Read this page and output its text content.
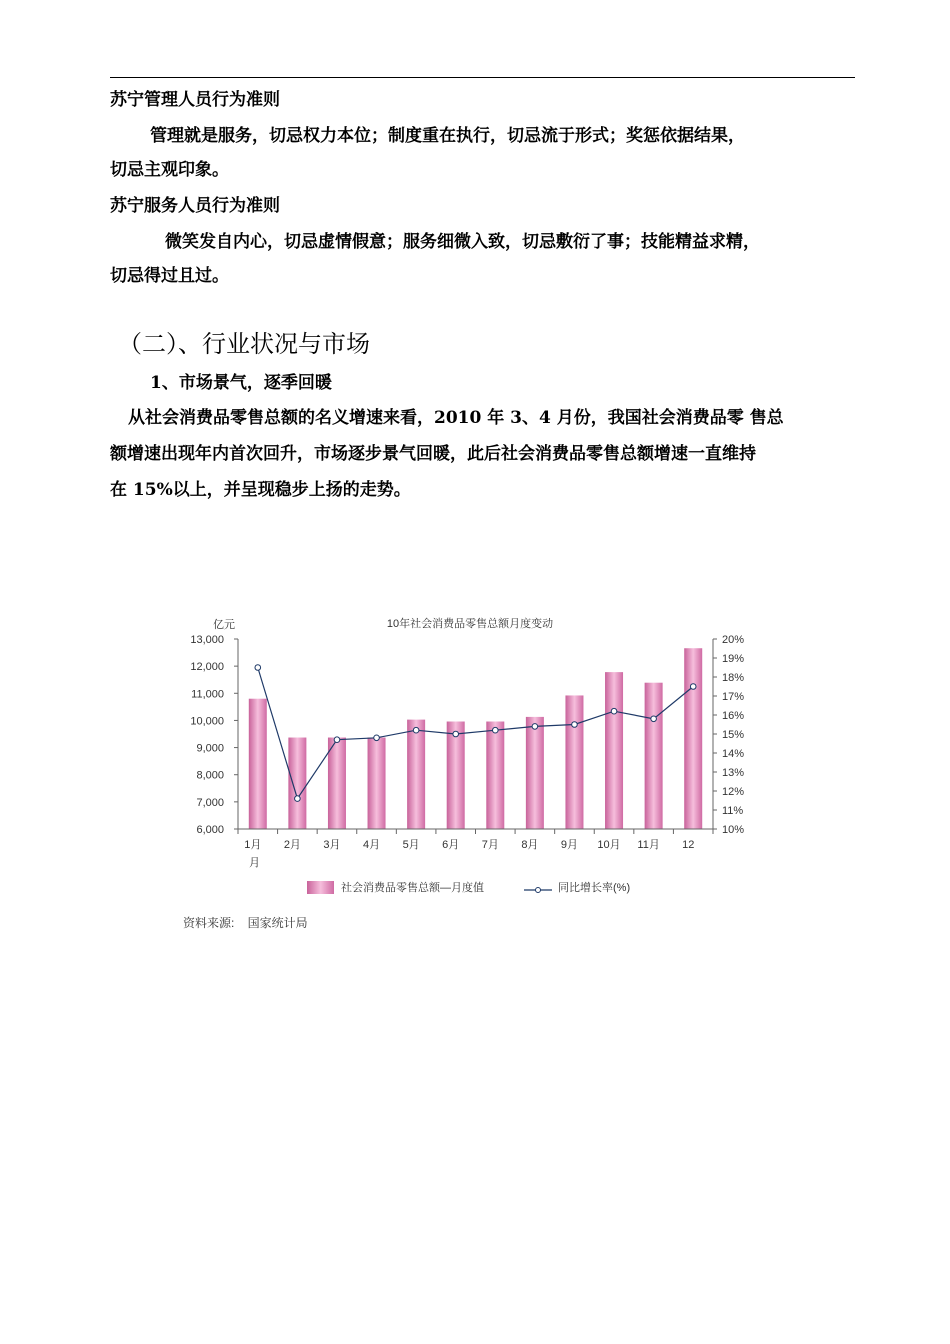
苏宁管理人员行为准则
管理就是服务，切忌权力本位；制度重在执行，切忌流于形式；奖惩依据结果，
切忌主观印象。
苏宁服务人员行为准则
微笑发自内心，切忌虚情假意；服务细微入致，切忌敷衍了事；技能精益求精，
切忌得过且过。
（二）、行业状况与市场
1、市场景气，逐季回暖
从社会消费品零售总额的名义增速来看，2010 年 3、4 月份，我国社会消费品零 售总
额增速出现年内首次回升，市场逐步景气回暖，此后社会消费品零售总额增速一直维持
在 15%以上，并呈现稳步上扬的走势。
10年社会消费品零售总额月度变动
亿元
13,000
12,000
11,000
10,000
9,000
8,000
7,000
6,000
20%
19%
18%
17%
16%
15%
14%
13%
12%
11%
10%
1月 2月 3月 4月 5月 6月 7月 8月 9月 10月 11月 12
月
社会消费品零售总额—月度值	同比增长率(%)
资料来源:    国家统计局
